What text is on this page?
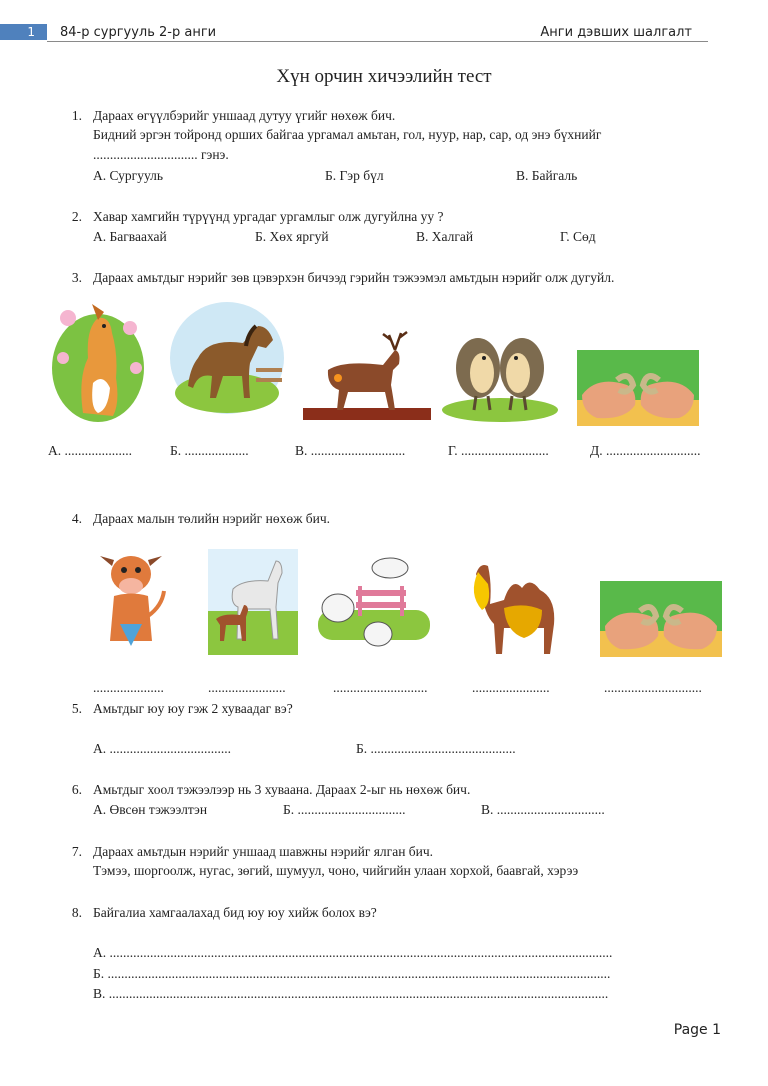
1	84-р сургууль 2-р анги	Анги дэвших шалгалт
Хүн орчин хичээлийн тест
1. Дараах өгүүлбэрийг уншаад дутуу үгийг нөхөж бич.
Бидний эргэн тойронд орших байгаа ургамал амьтан, гол, нуур, нар, сар, од энэ бүхнийг
............................... гэнэ.
А. Сургууль	Б. Гэр бүл	В. Байгаль
2. Хавар хамгийн түрүүнд ургадаг ургамлыг олж дугуйлна уу ?
А. Багваахай	Б. Хөх яргуй	В. Халгай	Г. Сөд
3. Дараах амьтдыг нэрийг зөв цэвэрхэн бичээд гэрийн тэжээмэл амьтдын нэрийг олж дугуйл.
А. ....................	Б. ...................	В. ............................	Г. ..........................	Д. ............................
4. Дараах малын төлийн нэрийг нөхөж бич.
.....................	.......................	............................	.......................	.............................
5. Амьтдыг юу юу гэж 2 хуваадаг вэ?
А. ....................................	Б. ...........................................
6. Амьтдыг хоол тэжээлээр нь 3 хуваана. Дараах 2-ыг нь нөхөж бич.
А. Өвсөн тэжээлтэн	Б. ................................	В. ................................
7. Дараах амьтдын нэрийг уншаад шавжны нэрийг ялган бич.
Тэмээ, шоргоолж, нугас, зөгий, шумуул, чоно, чийгийн улаан хорхой, баавгай, хэрээ
8. Байгалиа хамгаалахад бид юу юу хийж болох вэ?
А. .....................................................................................................................................................
Б. .....................................................................................................................................................
В. ....................................................................................................................................................
Page 1
